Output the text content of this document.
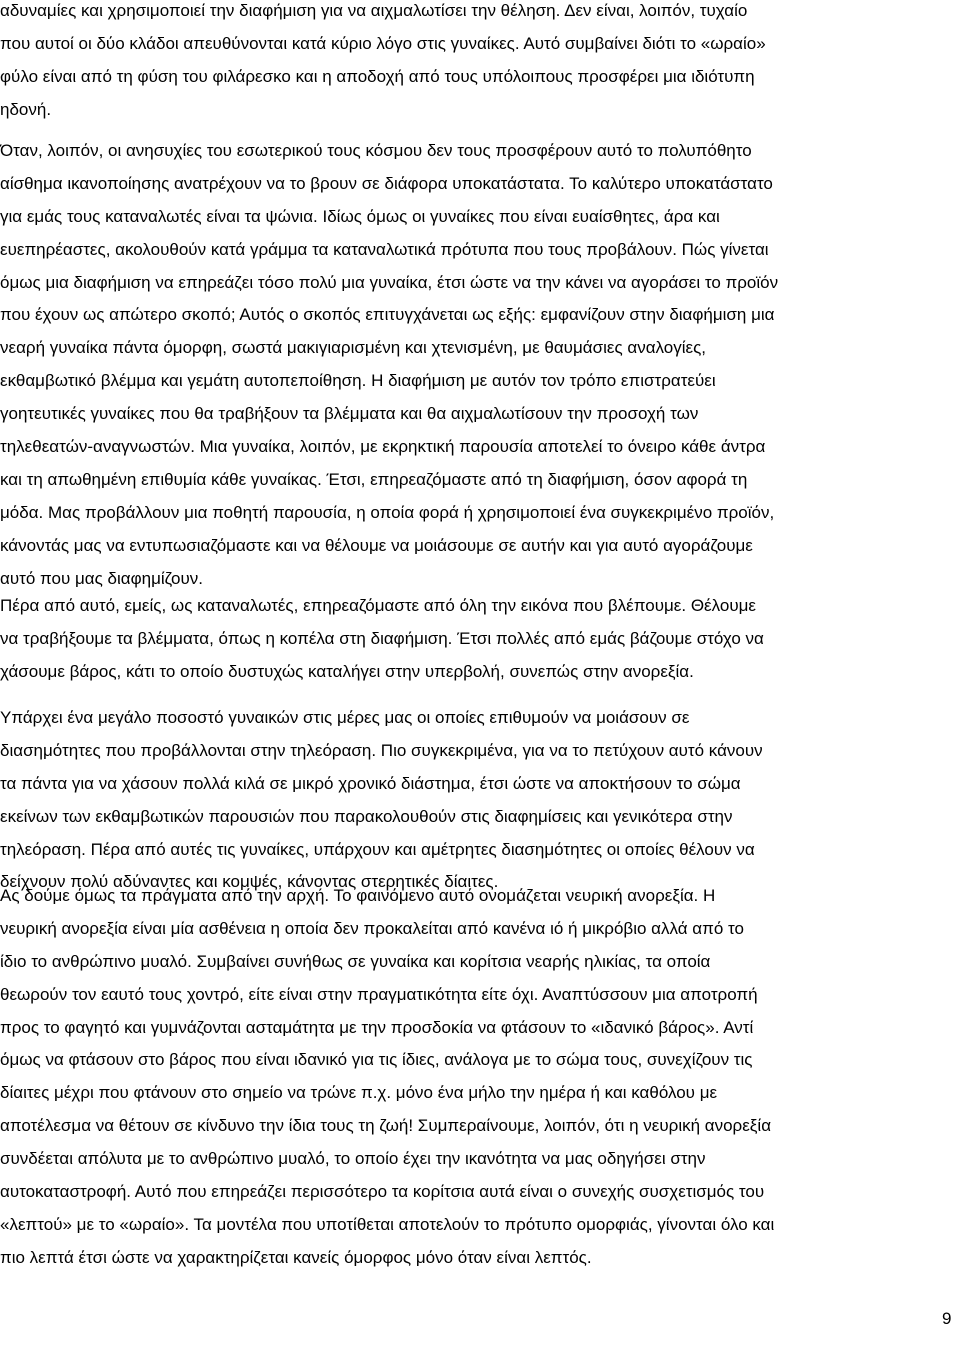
αδυναμίες και χρησιμοποιεί την διαφήμιση για να αιχμαλωτίσει την θέληση. Δεν είναι, λοιπόν, τυχαίο
που αυτοί οι δύο κλάδοι απευθύνονται κατά κύριο λόγο στις γυναίκες. Αυτό συμβαίνει διότι το «ωραίο»
φύλο είναι από τη φύση του φιλάρεσκο και η αποδοχή από τους υπόλοιπους προσφέρει μια ιδιότυπη
ηδονή.
Όταν, λοιπόν, οι ανησυχίες του εσωτερικού τους κόσμου δεν τους προσφέρουν αυτό το πολυπόθητο
αίσθημα ικανοποίησης ανατρέχουν να το βρουν σε διάφορα υποκατάστατα. Το καλύτερο υποκατάστατο
για εμάς τους καταναλωτές είναι τα ψώνια. Ιδίως όμως οι γυναίκες που είναι ευαίσθητες, άρα και
ευεπηρέαστες, ακολουθούν κατά γράμμα τα καταναλωτικά πρότυπα που τους προβάλουν. Πώς γίνεται
όμως μια διαφήμιση να επηρεάζει τόσο πολύ μια γυναίκα, έτσι ώστε να την κάνει να αγοράσει το προϊόν
που έχουν ως απώτερο σκοπό; Αυτός ο σκοπός επιτυγχάνεται ως εξής: εμφανίζουν στην διαφήμιση μια
νεαρή γυναίκα πάντα όμορφη, σωστά μακιγιαρισμένη και χτενισμένη, με θαυμάσιες αναλογίες,
εκθαμβωτικό βλέμμα και γεμάτη αυτοπεποίθηση. Η διαφήμιση με αυτόν τον τρόπο επιστρατεύει
γοητευτικές γυναίκες που θα τραβήξουν τα βλέμματα και θα αιχμαλωτίσουν την προσοχή των
τηλεθεατών-αναγνωστών. Μια γυναίκα, λοιπόν, με εκρηκτική παρουσία αποτελεί το όνειρο κάθε άντρα
και τη απωθημένη επιθυμία κάθε γυναίκας. Έτσι, επηρεαζόμαστε από τη διαφήμιση, όσον αφορά τη
μόδα. Μας προβάλλουν μια ποθητή παρουσία, η οποία φορά ή χρησιμοποιεί ένα συγκεκριμένο προϊόν,
κάνοντάς μας να εντυπωσιαζόμαστε και να θέλουμε να μοιάσουμε σε αυτήν και για αυτό αγοράζουμε
αυτό που μας διαφημίζουν.
Πέρα από αυτό, εμείς, ως καταναλωτές, επηρεαζόμαστε από όλη την εικόνα που βλέπουμε. Θέλουμε
να τραβήξουμε τα βλέμματα, όπως η κοπέλα στη διαφήμιση. Έτσι πολλές από εμάς βάζουμε στόχο να
χάσουμε βάρος, κάτι το οποίο δυστυχώς καταλήγει στην υπερβολή, συνεπώς στην ανορεξία.
Υπάρχει ένα μεγάλο ποσοστό γυναικών στις μέρες μας οι οποίες επιθυμούν να μοιάσουν σε
διασημότητες που προβάλλονται στην τηλεόραση. Πιο συγκεκριμένα, για να το πετύχουν αυτό κάνουν
τα πάντα για να χάσουν πολλά κιλά σε μικρό χρονικό διάστημα, έτσι ώστε να αποκτήσουν το σώμα
εκείνων των εκθαμβωτικών παρουσιών που παρακολουθούν στις διαφημίσεις και γενικότερα στην
τηλεόραση. Πέρα από αυτές τις γυναίκες, υπάρχουν και αμέτρητες διασημότητες οι οποίες θέλουν να
δείχνουν πολύ αδύναντες και κομψές, κάνοντας στερητικές δίαιτες.
Ας δούμε όμως τα πράγματα από την αρχή. Το φαινόμενο αυτό ονομάζεται νευρική ανορεξία. Η
νευρική ανορεξία είναι μία ασθένεια η οποία δεν προκαλείται από κανένα ιό ή μικρόβιο αλλά από το
ίδιο το ανθρώπινο μυαλό. Συμβαίνει συνήθως σε γυναίκα και κορίτσια νεαρής ηλικίας, τα οποία
θεωρούν τον εαυτό τους χοντρό, είτε είναι στην πραγματικότητα είτε όχι. Αναπτύσσουν μια αποτροπή
προς το φαγητό και γυμνάζονται ασταμάτητα με την προσδοκία να φτάσουν το «ιδανικό βάρος». Αντί
όμως να φτάσουν στο βάρος που είναι ιδανικό για τις ίδιες, ανάλογα με το σώμα τους, συνεχίζουν τις
δίαιτες μέχρι που φτάνουν στο σημείο να τρώνε π.χ. μόνο ένα μήλο την ημέρα ή και καθόλου με
αποτέλεσμα να θέτουν σε κίνδυνο την ίδια τους τη ζωή! Συμπεραίνουμε, λοιπόν, ότι η νευρική ανορεξία
συνδέεται απόλυτα με το ανθρώπινο μυαλό, το οποίο έχει την ικανότητα να μας οδηγήσει στην
αυτοκαταστροφή. Αυτό που επηρεάζει περισσότερο τα κορίτσια αυτά είναι ο συνεχής συσχετισμός του
«λεπτού» με το «ωραίο». Τα μοντέλα που υποτίθεται αποτελούν το πρότυπο ομορφιάς, γίνονται όλο και
πιο λεπτά έτσι ώστε να χαρακτηρίζεται κανείς όμορφος μόνο όταν είναι λεπτός.
9
